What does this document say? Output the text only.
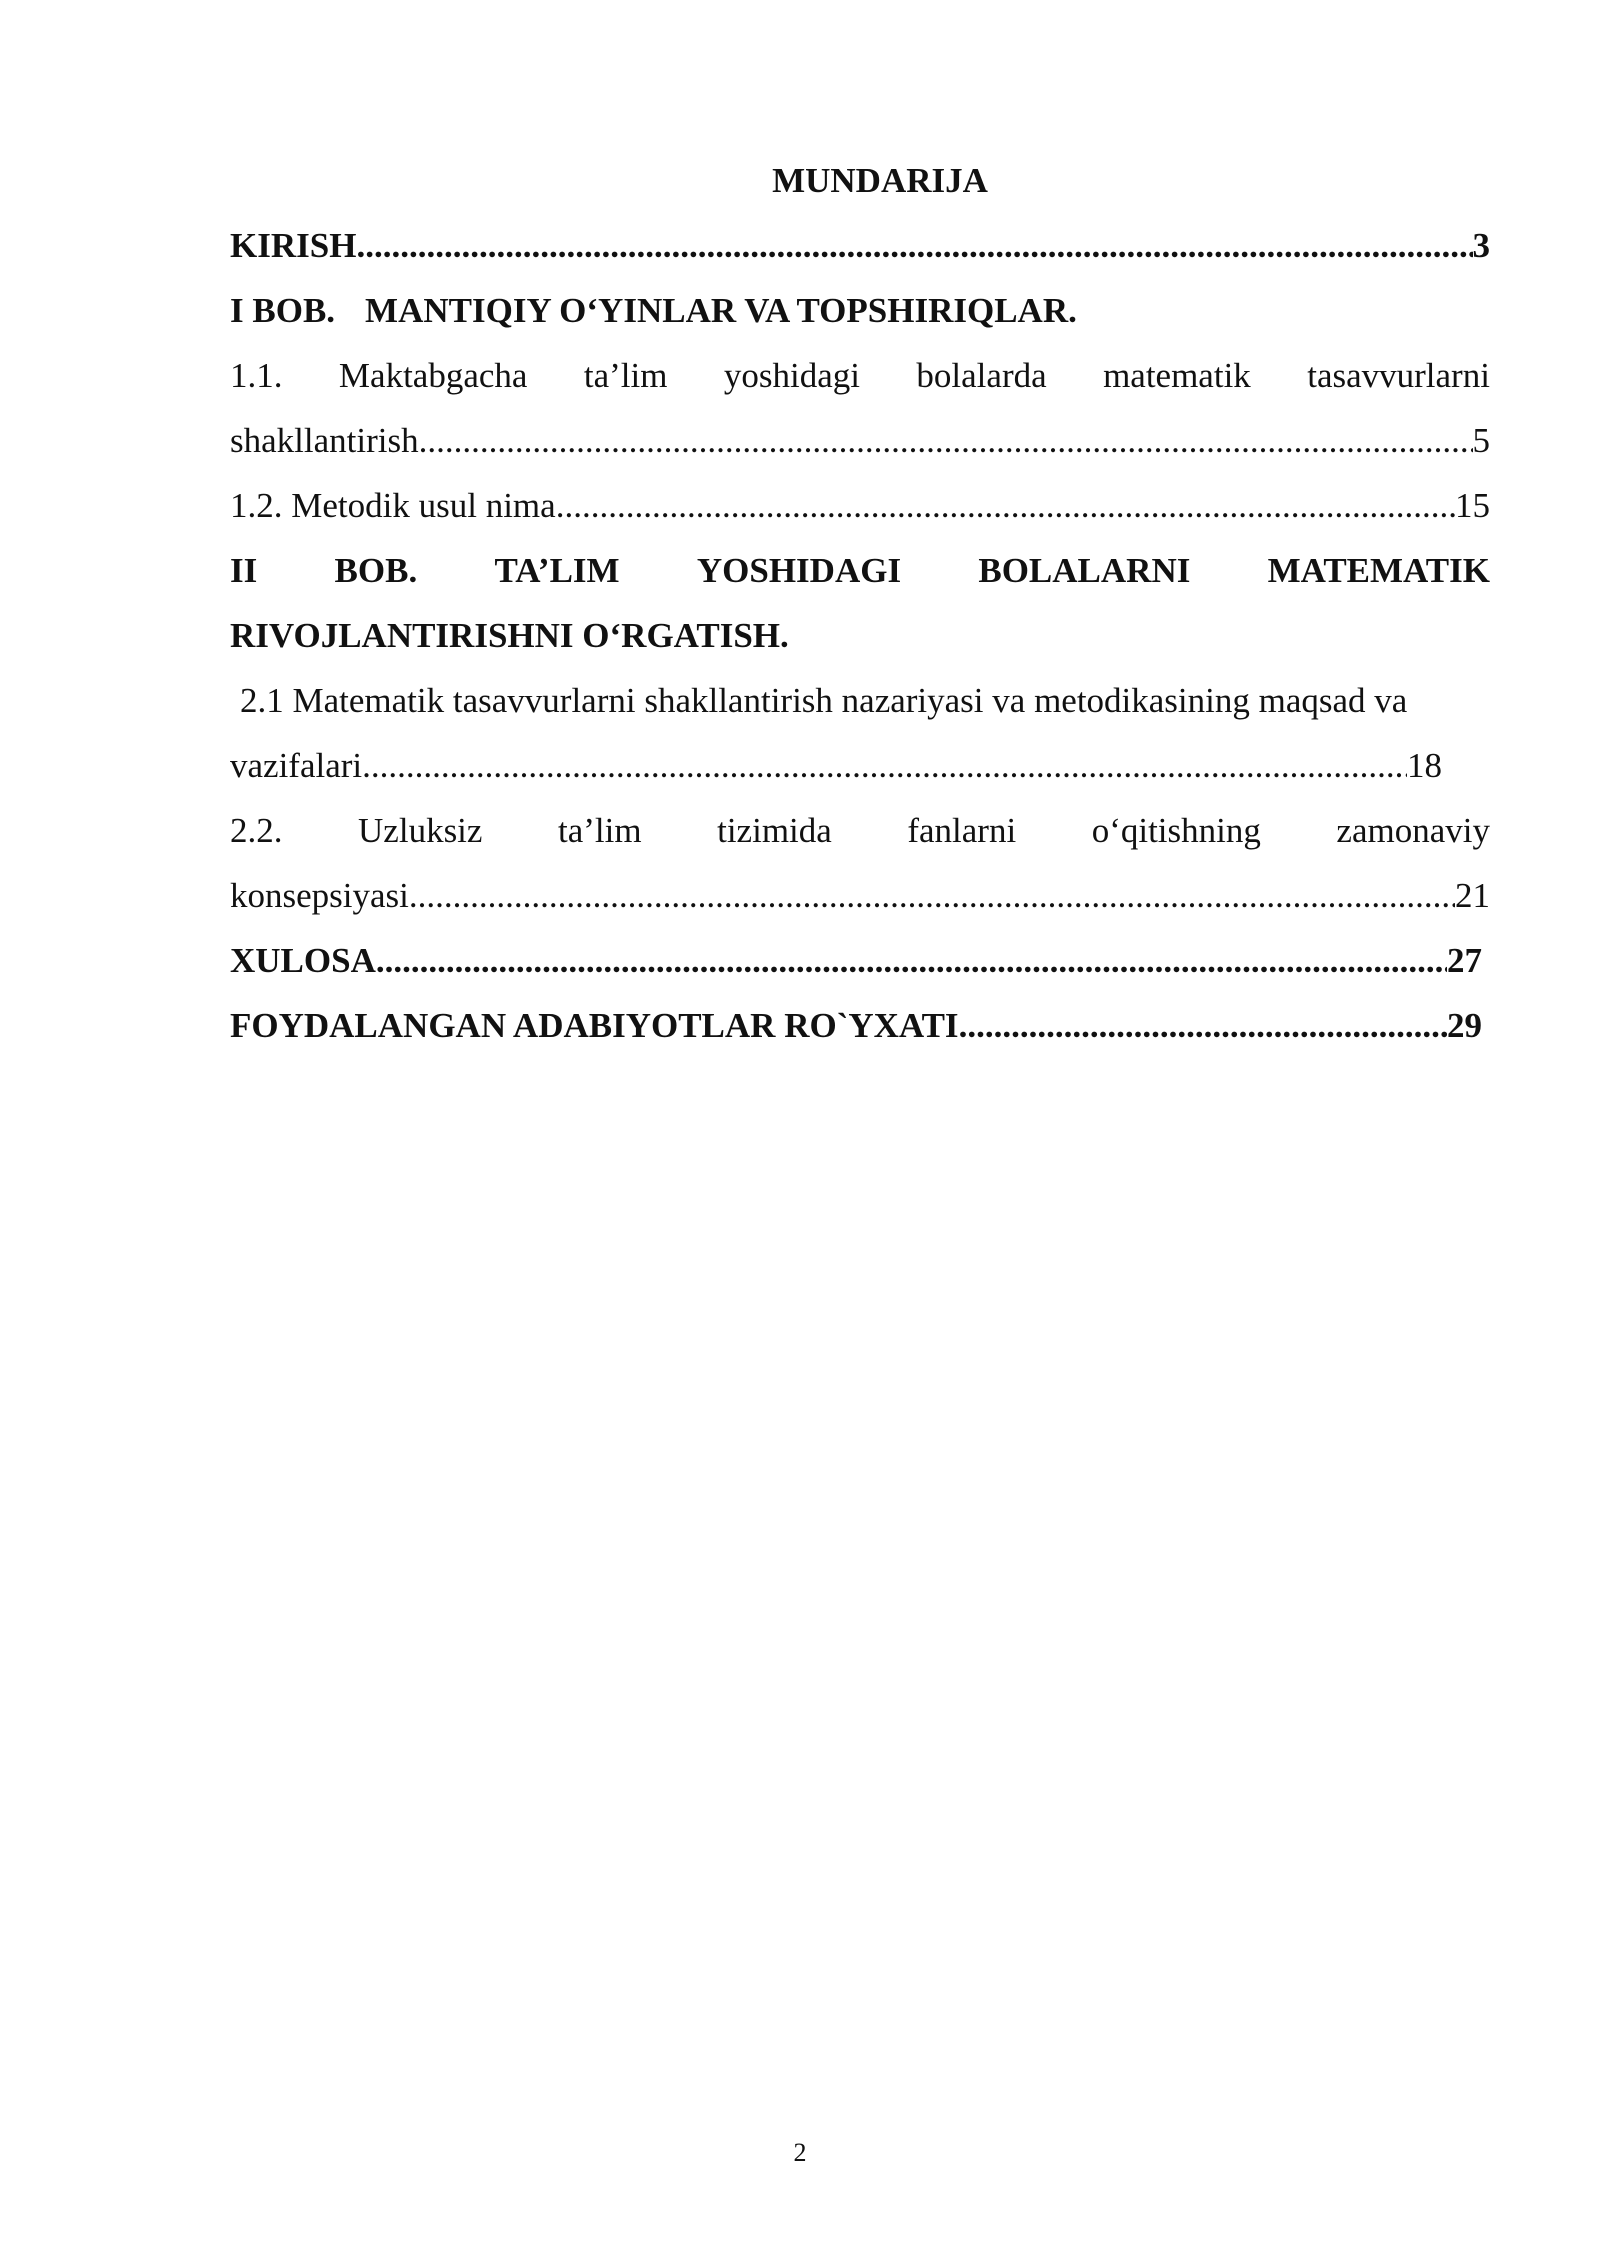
MUNDARIJA
KIRISH .....	3
I BOB. MANTIQIY O‘YINLAR VA TOPSHIRIQLAR.
1.1. Maktabgacha ta’lim yoshidagi bolalarda matematik tasavvurlarni
shakllantirish .....	5
1.2. Metodik usul nima .....	15
II BOB. TA’LIM YOSHIDAGI BOLALARNI MATEMATIK
RIVOJLANTIRISHNI O‘RGATISH.
2.1 Matematik tasavvurlarni shakllantirish nazariyasi va metodikasining maqsad va
vazifalari .....	18
2.2. Uzluksiz ta’lim tizimida fanlarni o‘qitishning zamonaviy
konsepsiyasi .....	21
XULOSA .....	27
FOYDALANGAN ADABIYOTLAR RO`YXATI .....	29
2
